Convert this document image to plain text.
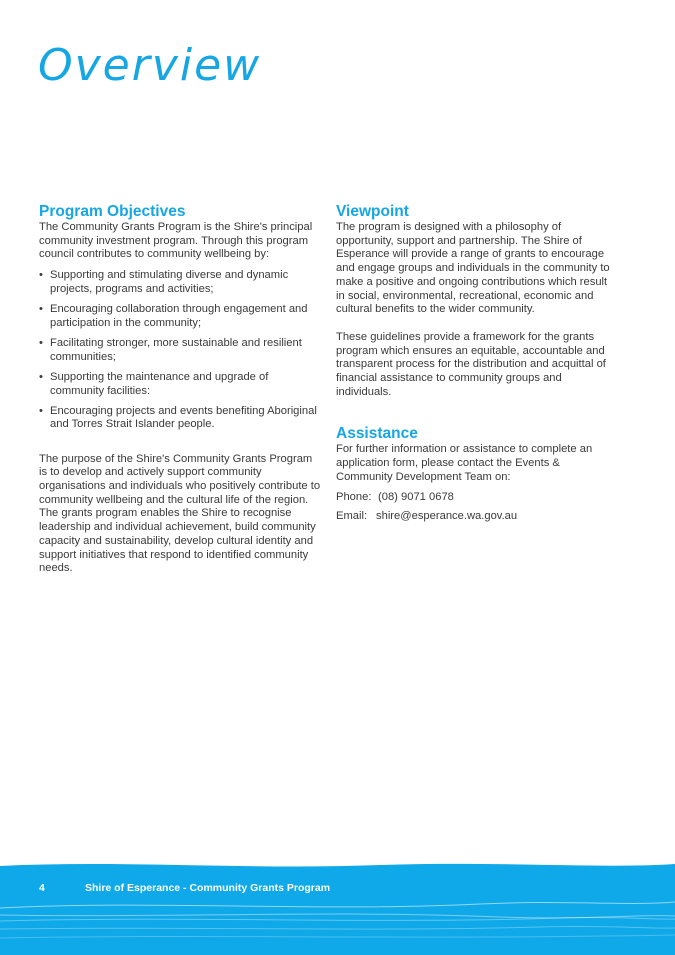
Overview
Program Objectives

The Community Grants Program is the Shire's principal community investment program. Through this program council contributes to community wellbeing by:

• Supporting and stimulating diverse and dynamic projects, programs and activities;
• Encouraging collaboration through engagement and participation in the community;
• Facilitating stronger, more sustainable and resilient communities;
• Supporting the maintenance and upgrade of community facilities:
• Encouraging projects and events benefiting Aboriginal and Torres Strait Islander people.

The purpose of the Shire's Community Grants Program is to develop and actively support community organisations and individuals who positively contribute to community wellbeing and the cultural life of the region. The grants program enables the Shire to recognise leadership and individual achievement, build community capacity and sustainability, develop cultural identity and support initiatives that respond to identified community needs.

Viewpoint

The program is designed with a philosophy of opportunity, support and partnership. The Shire of Esperance will provide a range of grants to encourage and engage groups and individuals in the community to make a positive and ongoing contributions which result in social, environmental, recreational, economic and cultural benefits to the wider community.

These guidelines provide a framework for the grants program which ensures an equitable, accountable and transparent process for the distribution and acquittal of financial assistance to community groups and individuals.

Assistance

For further information or assistance to complete an application form, please contact the Events & Community Development Team on:

Phone: (08) 9071 0678
Email: shire@esperance.wa.gov.au
4	Shire of Esperance - Community Grants Program
